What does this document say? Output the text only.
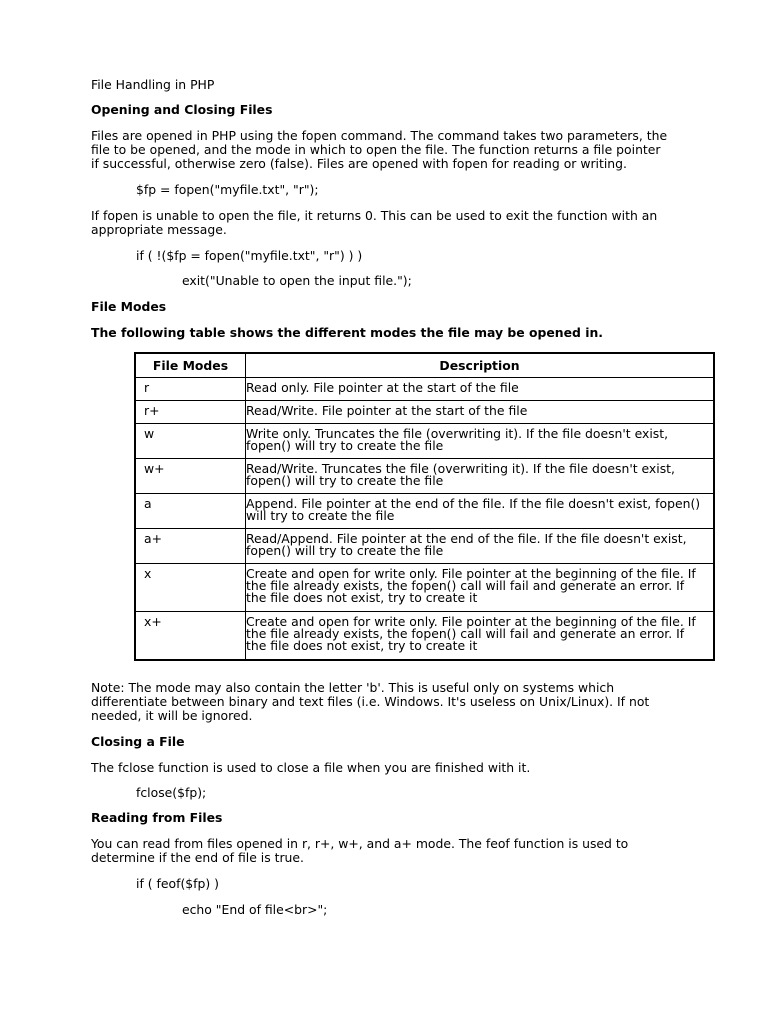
File Handling in PHP

Opening and Closing Files

Files are opened in PHP using the fopen command. The command takes two parameters, the

file to be opened, and the mode in which to open the file. The function returns a file pointer

if successful, otherwise zero (false). Files are opened with fopen for reading or writing.

$fp = fopen("myfile.txt", "r");

If fopen is unable to open the file, it returns 0. This can be used to exit the function with an

appropriate message.

if ( !($fp = fopen("myfile.txt", "r") ) )

exit("Unable to open the input file.");

File Modes

The following table shows the different modes the file may be opened in.

File Modes	Description
r	Read only. File pointer at the start of the file
r+	Read/Write. File pointer at the start of the file
w	Write only. Truncates the file (overwriting it). If the file doesn't exist, fopen() will try to create the file
w+	Read/Write. Truncates the file (overwriting it). If the file doesn't exist, fopen() will try to create the file
a	Append. File pointer at the end of the file. If the file doesn't exist, fopen() will try to create the file
a+	Read/Append. File pointer at the end of the file. If the file doesn't exist, fopen() will try to create the file
x	Create and open for write only. File pointer at the beginning of the file. If the file already exists, the fopen() call will fail and generate an error. If the file does not exist, try to create it
x+	Create and open for write only. File pointer at the beginning of the file. If the file already exists, the fopen() call will fail and generate an error. If the file does not exist, try to create it

Note: The mode may also contain the letter 'b'. This is useful only on systems which

differentiate between binary and text files (i.e. Windows. It's useless on Unix/Linux). If not

needed, it will be ignored.

Closing a File

The fclose function is used to close a file when you are finished with it.

fclose($fp);

Reading from Files

You can read from files opened in r, r+, w+, and a+ mode. The feof function is used to

determine if the end of file is true.

if ( feof($fp) )

echo "End of file<br>";
